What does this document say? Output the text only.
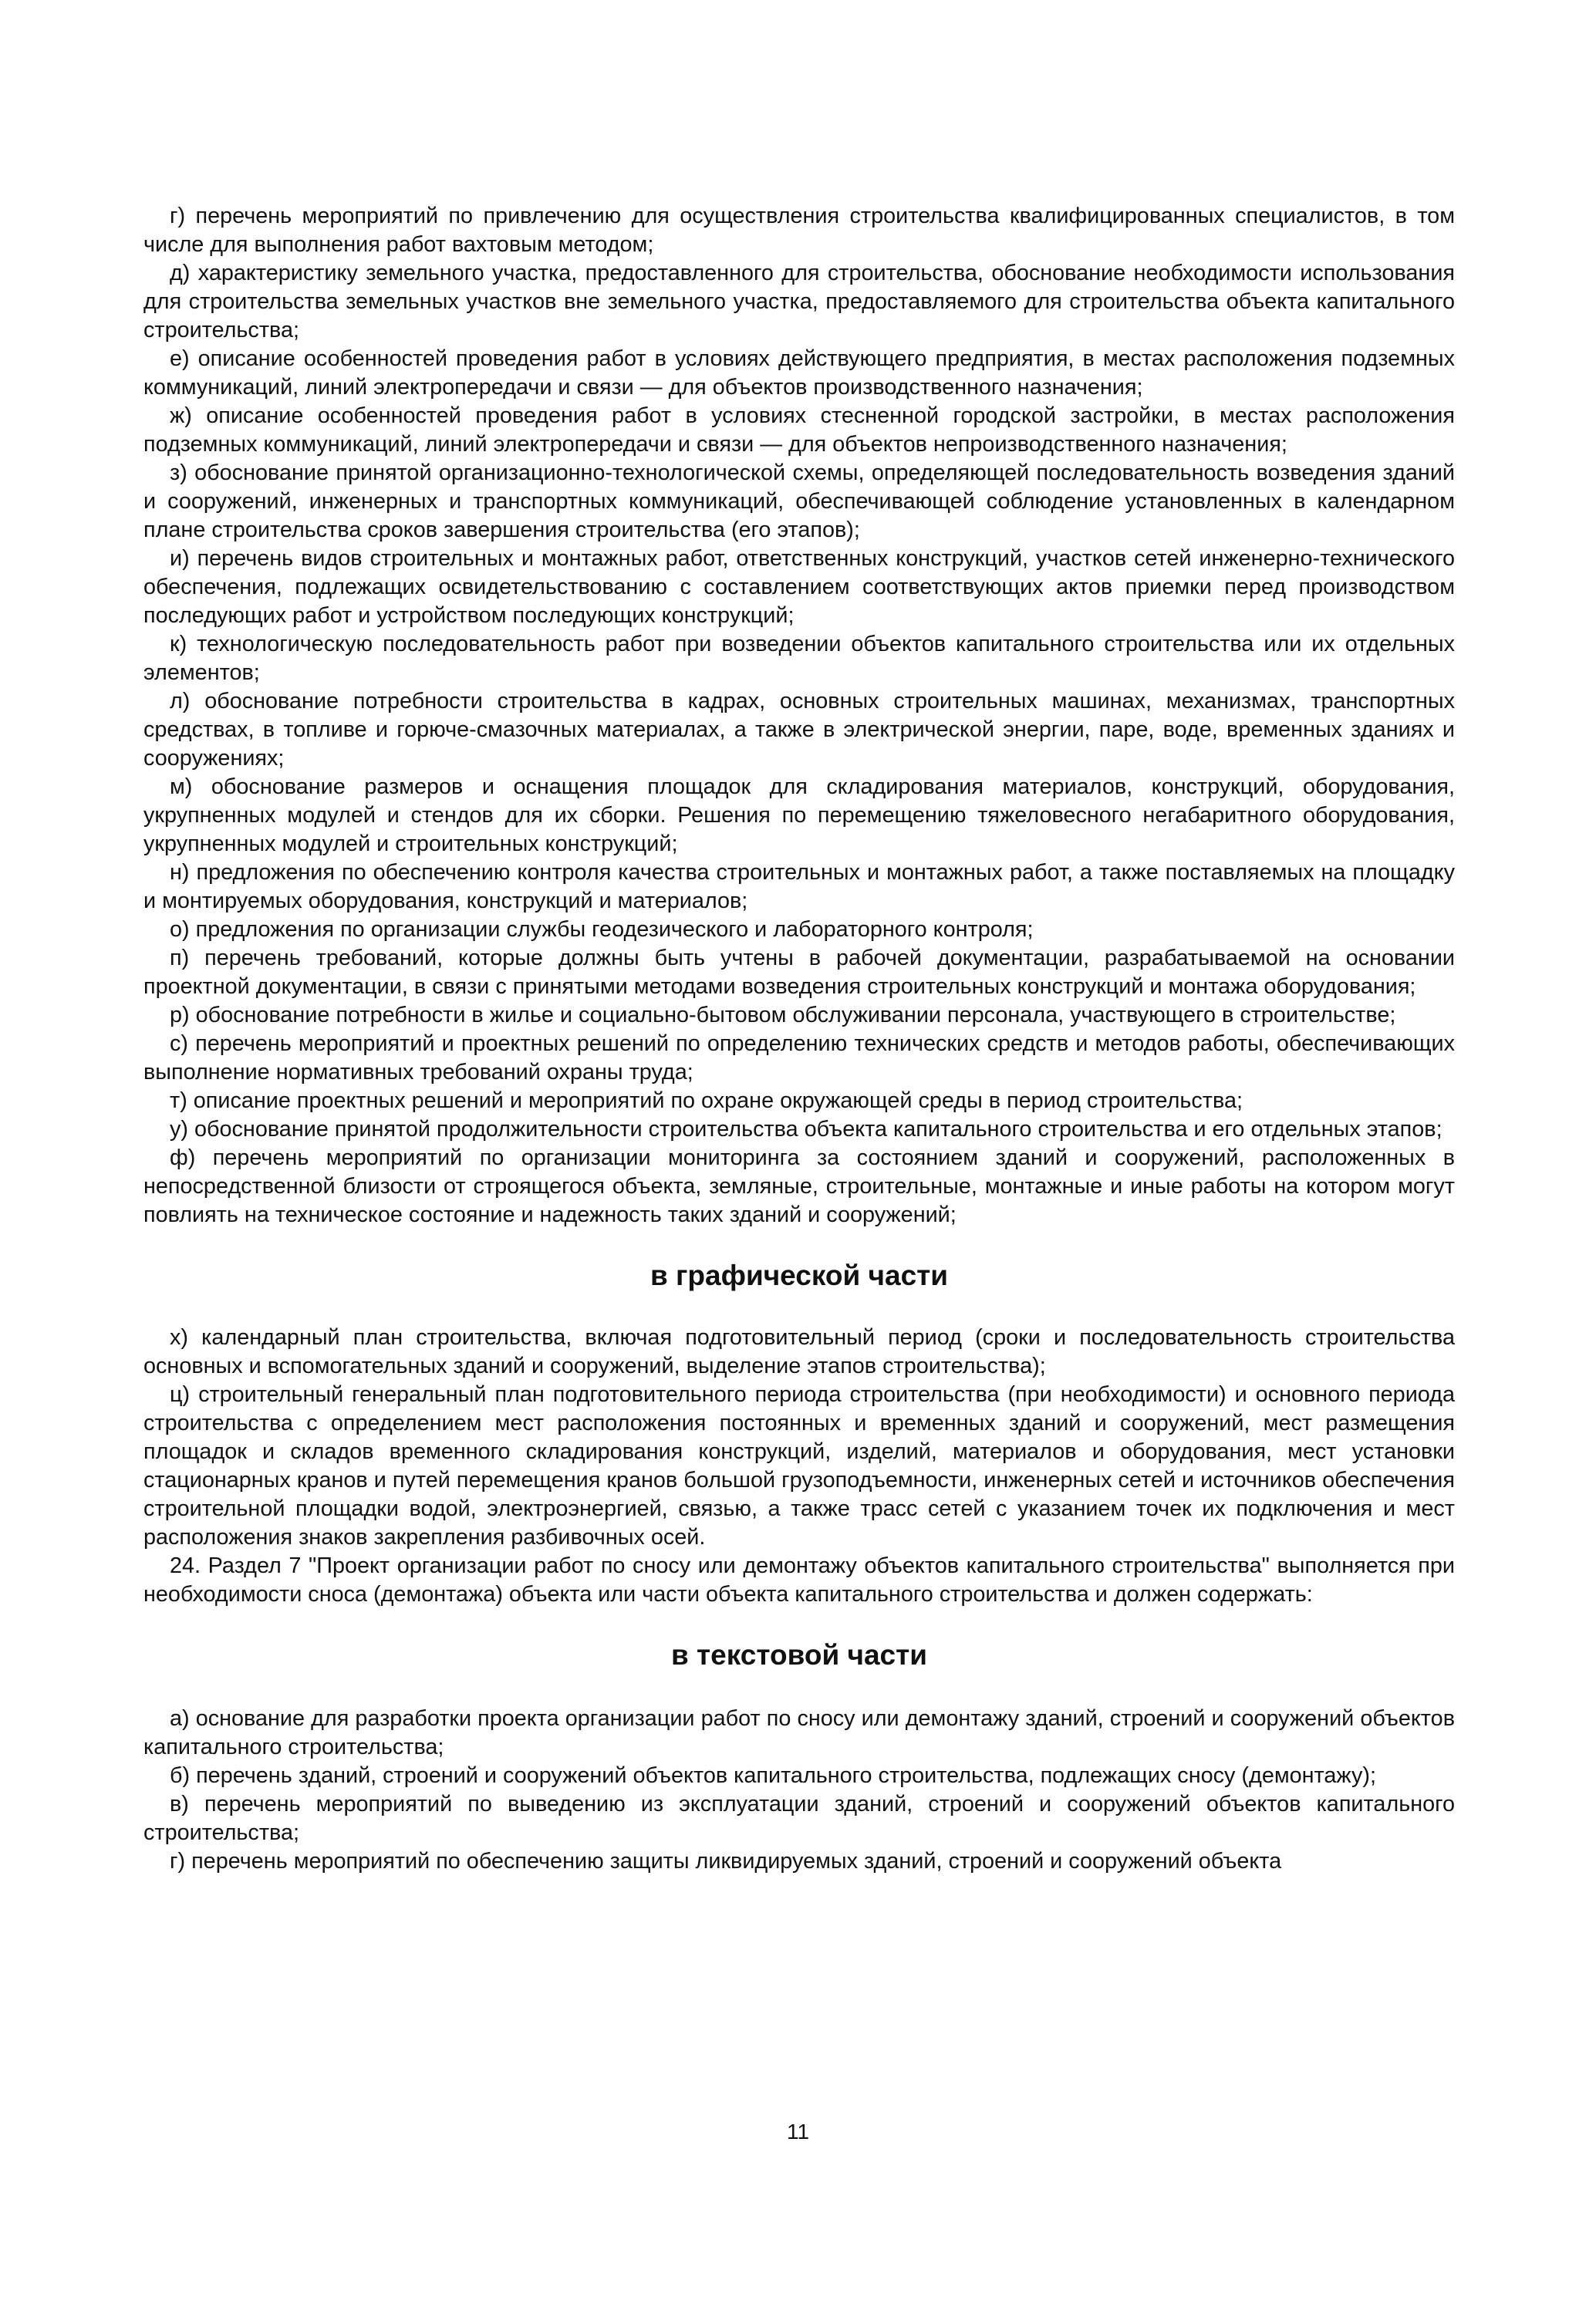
г) перечень мероприятий по привлечению для осуществления строительства квалифицированных специалистов, в том числе для выполнения работ вахтовым методом;

д) характеристику земельного участка, предоставленного для строительства, обоснование необходимости использования для строительства земельных участков вне земельного участка, предоставляемого для строительства объекта капитального строительства;

е) описание особенностей проведения работ в условиях действующего предприятия, в местах расположения подземных коммуникаций, линий электропередачи и связи — для объектов производственного назначения;

ж) описание особенностей проведения работ в условиях стесненной городской застройки, в местах расположения подземных коммуникаций, линий электропередачи и связи — для объектов непроизводственного назначения;

з) обоснование принятой организационно-технологической схемы, определяющей последовательность возведения зданий и сооружений, инженерных и транспортных коммуникаций, обеспечивающей соблюдение установленных в календарном плане строительства сроков завершения строительства (его этапов);

и) перечень видов строительных и монтажных работ, ответственных конструкций, участков сетей инженерно-технического обеспечения, подлежащих освидетельствованию с составлением соответствующих актов приемки перед производством последующих работ и устройством последующих конструкций;

к) технологическую последовательность работ при возведении объектов капитального строительства или их отдельных элементов;

л) обоснование потребности строительства в кадрах, основных строительных машинах, механизмах, транспортных средствах, в топливе и горюче-смазочных материалах, а также в электрической энергии, паре, воде, временных зданиях и сооружениях;

м) обоснование размеров и оснащения площадок для складирования материалов, конструкций, оборудования, укрупненных модулей и стендов для их сборки. Решения по перемещению тяжеловесного негабаритного оборудования, укрупненных модулей и строительных конструкций;

н) предложения по обеспечению контроля качества строительных и монтажных работ, а также поставляемых на площадку и монтируемых оборудования, конструкций и материалов;

о) предложения по организации службы геодезического и лабораторного контроля;

п) перечень требований, которые должны быть учтены в рабочей документации, разрабатываемой на основании проектной документации, в связи с принятыми методами возведения строительных конструкций и монтажа оборудования;

р) обоснование потребности в жилье и социально-бытовом обслуживании персонала, участвующего в строительстве;

с) перечень мероприятий и проектных решений по определению технических средств и методов работы, обеспечивающих выполнение нормативных требований охраны труда;

т) описание проектных решений и мероприятий по охране окружающей среды в период строительства;

у) обоснование принятой продолжительности строительства объекта капитального строительства и его отдельных этапов;

ф) перечень мероприятий по организации мониторинга за состоянием зданий и сооружений, расположенных в непосредственной близости от строящегося объекта, земляные, строительные, монтажные и иные работы на котором могут повлиять на техническое состояние и надежность таких зданий и сооружений;

в графической части

х) календарный план строительства, включая подготовительный период (сроки и последовательность строительства основных и вспомогательных зданий и сооружений, выделение этапов строительства);

ц) строительный генеральный план подготовительного периода строительства (при необходимости) и основного периода строительства с определением мест расположения постоянных и временных зданий и сооружений, мест размещения площадок и складов временного складирования конструкций, изделий, материалов и оборудования, мест установки стационарных кранов и путей перемещения кранов большой грузоподъемности, инженерных сетей и источников обеспечения строительной площадки водой, электроэнергией, связью, а также трасс сетей с указанием точек их подключения и мест расположения знаков закрепления разбивочных осей.

24. Раздел 7 "Проект организации работ по сносу или демонтажу объектов капитального строительства" выполняется при необходимости сноса (демонтажа) объекта или части объекта капитального строительства и должен содержать:

в текстовой части

а) основание для разработки проекта организации работ по сносу или демонтажу зданий, строений и сооружений объектов капитального строительства;

б) перечень зданий, строений и сооружений объектов капитального строительства, подлежащих сносу (демонтажу);

в) перечень мероприятий по выведению из эксплуатации зданий, строений и сооружений объектов капитального строительства;

г) перечень мероприятий по обеспечению защиты ликвидируемых зданий, строений и сооружений объекта

11
